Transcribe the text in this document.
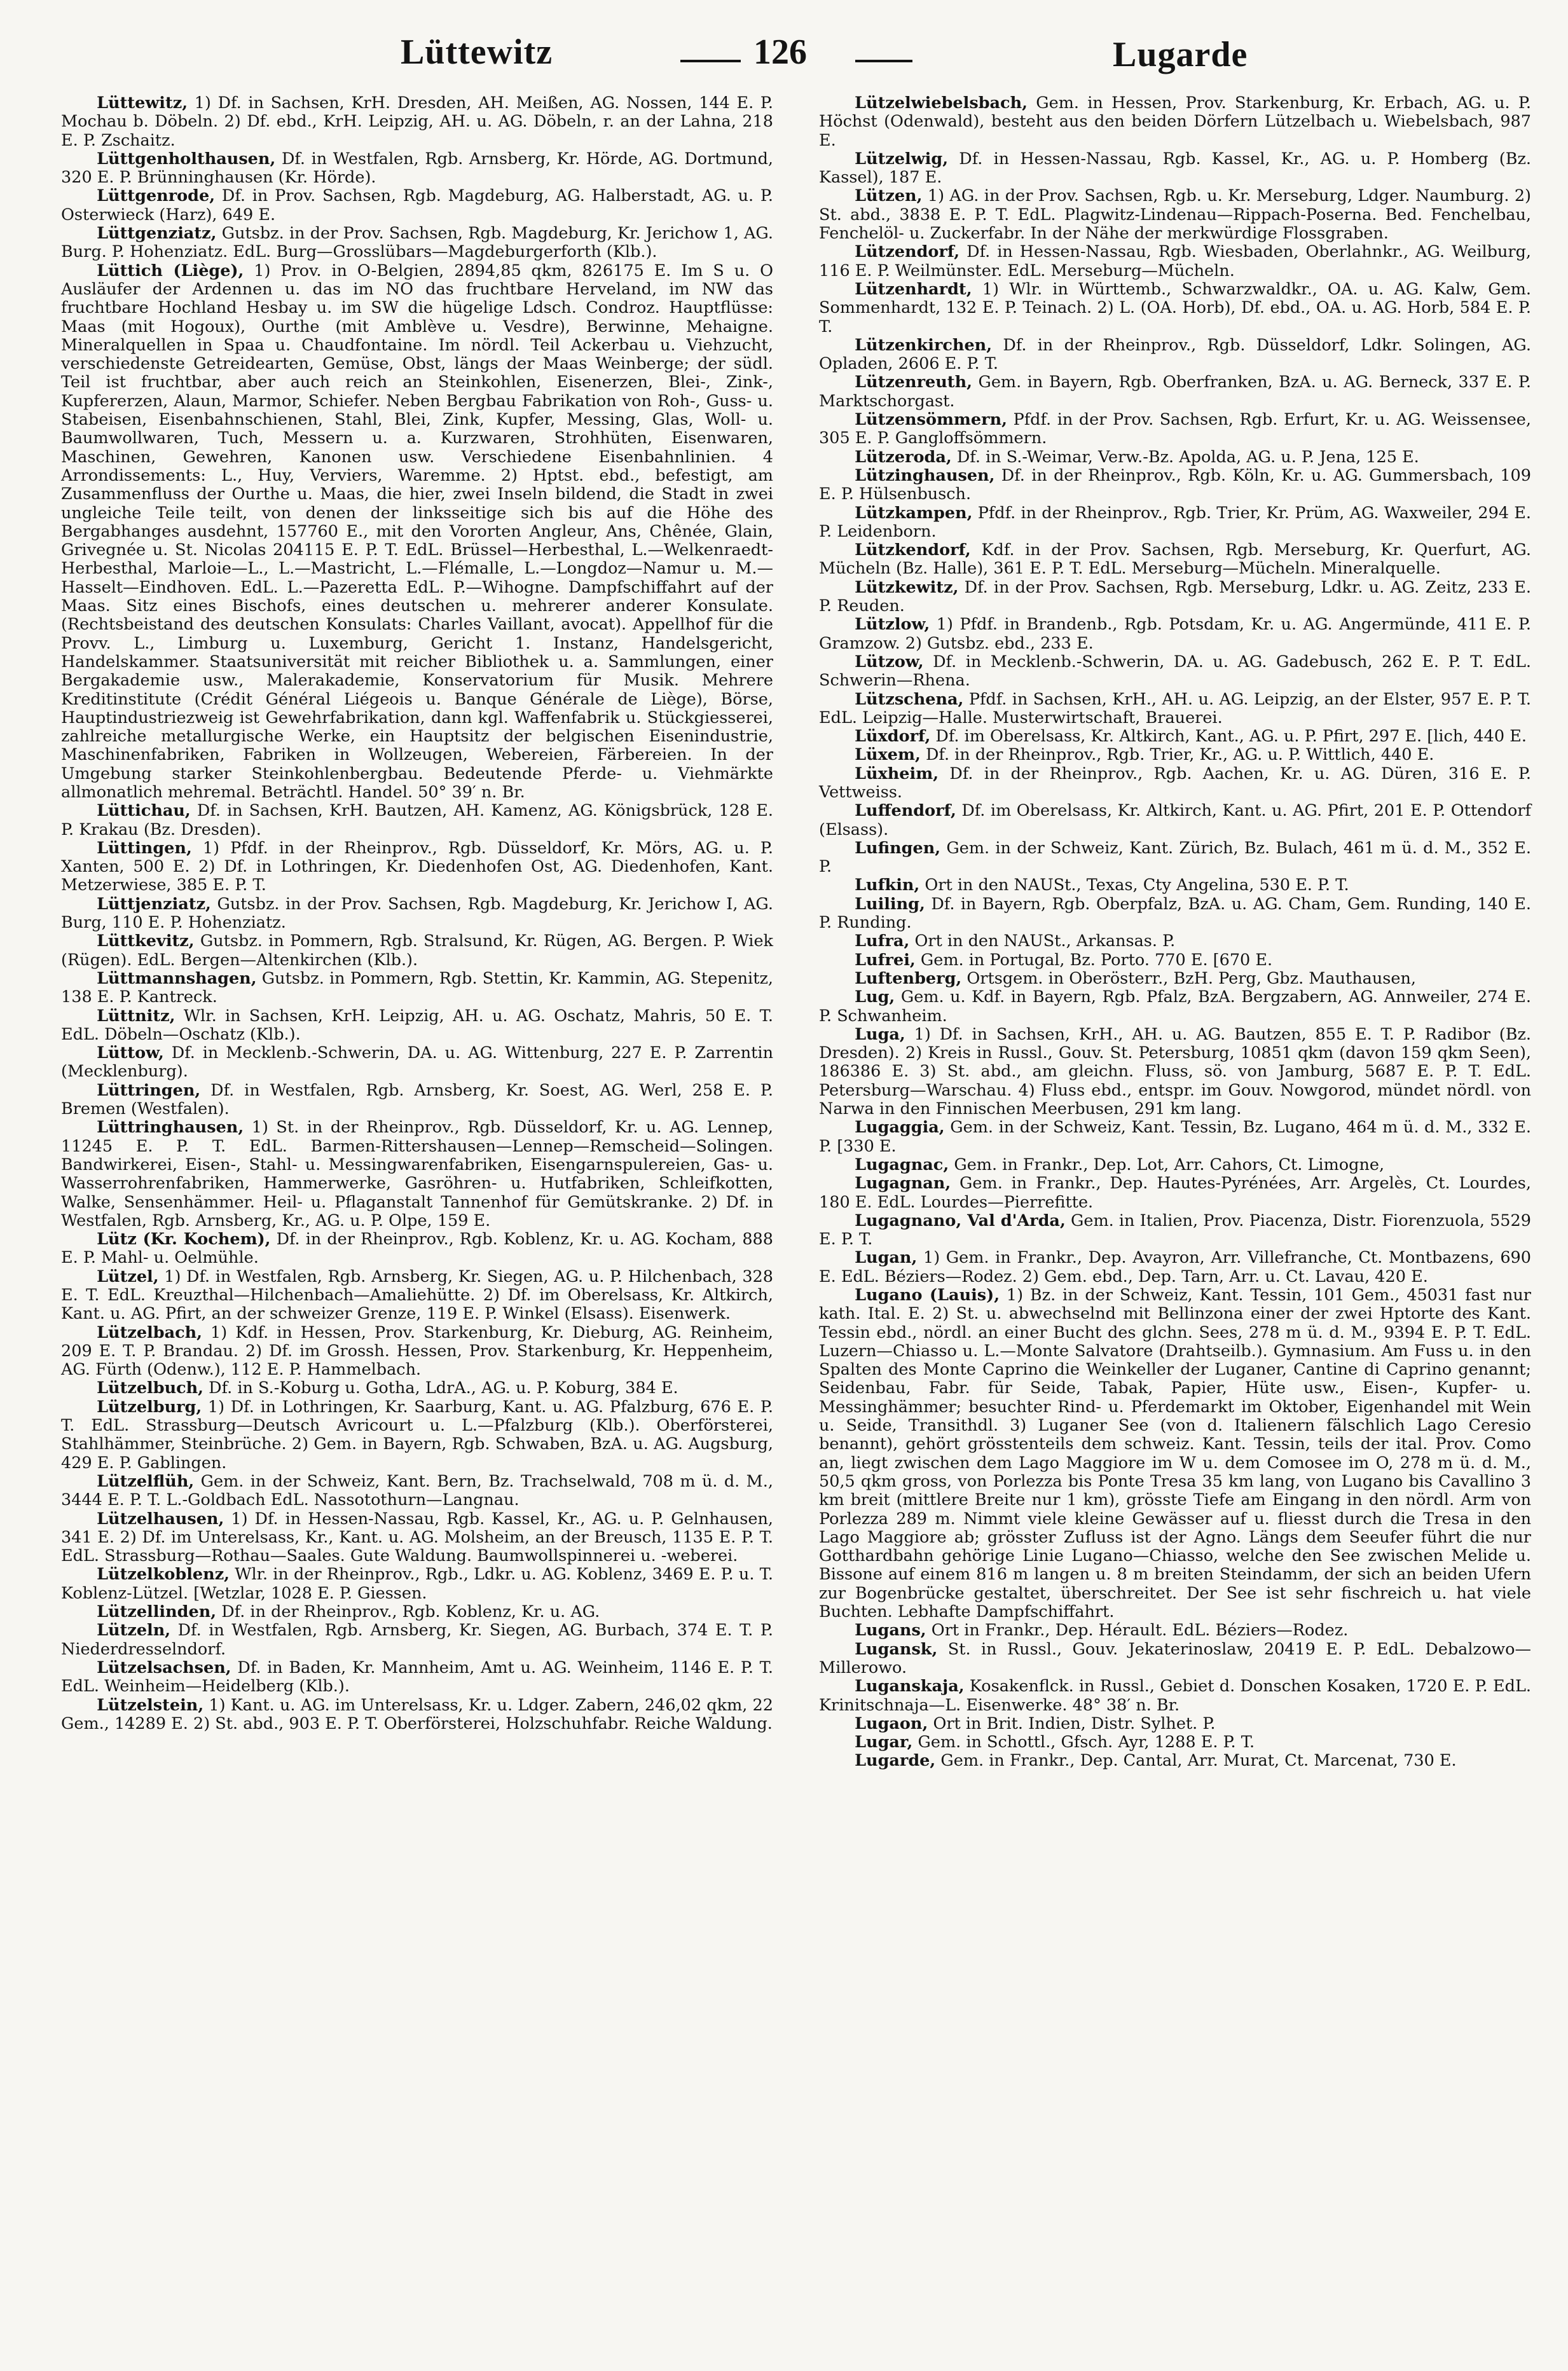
Lüttewitz	126	Lugarde

Lüttewitz, 1) Df. in Sachsen, KrH. Dresden, AH. Meißen, AG. Nossen, 144 E. P. Mochau b. Döbeln. 2) Df. ebd., KrH. Leipzig, AH. u. AG. Döbeln, r. an der Lahna, 218 E. P. Zschaitz.

Lüttgenholthausen, Df. in Westfalen, Rgb. Arnsberg, Kr. Hörde, AG. Dortmund, 320 E. P. Brünninghausen (Kr. Hörde).

Lüttgenrode, Df. in Prov. Sachsen, Rgb. Magdeburg, AG. Halberstadt, AG. u. P. Osterwieck (Harz), 649 E.

Lüttgenziatz, Gutsbz. in der Prov. Sachsen, Rgb. Magdeburg, Kr. Jerichow 1, AG. Burg. P. Hohenziatz. EdL. Burg—Grosslübars—Magdeburgerforth (Klb.).

Lüttich (Liège), 1) Prov. in O-Belgien, 2894,85 qkm, 826175 E. Im S u. O Ausläufer der Ardennen u. das im NO das fruchtbare Herveland, im NW das fruchtbare Hochland Hesbay u. im SW die hügelige Ldsch. Condroz. Hauptflüsse: Maas (mit Hogoux), Ourthe (mit Amblève u. Vesdre), Berwinne, Mehaigne. Mineralquellen in Spaa u. Chaudfontaine. Im nördl. Teil Ackerbau u. Viehzucht, verschiedenste Getreidearten, Gemüse, Obst, längs der Maas Weinberge; der südl. Teil ist fruchtbar, aber auch reich an Steinkohlen, Eisenerzen, Blei-, Zink-, Kupfererzen, Alaun, Marmor, Schiefer. Neben Bergbau Fabrikation von Roh-, Guss- u. Stabeisen, Eisenbahnschienen, Stahl, Blei, Zink, Kupfer, Messing, Glas, Woll- u. Baumwollwaren, Tuch, Messern u. a. Kurzwaren, Strohhüten, Eisenwaren, Maschinen, Gewehren, Kanonen usw. Verschiedene Eisenbahnlinien. 4 Arrondissements: L., Huy, Verviers, Waremme. 2) Hptst. ebd., befestigt, am Zusammenfluss der Ourthe u. Maas, die hier, zwei Inseln bildend, die Stadt in zwei ungleiche Teile teilt, von denen der linksseitige sich bis auf die Höhe des Bergabhanges ausdehnt, 157760 E., mit den Vororten Angleur, Ans, Chênée, Glain, Grivegnée u. St. Nicolas 204115 E. P. T. EdL. Brüssel—Herbesthal, L.—Welkenraedt-Herbesthal, Marloie—L., L.—Mastricht, L.—Flémalle, L.—Longdoz—Namur u. M.—Hasselt—Eindhoven. EdL. L.—Pazeretta EdL. P.—Wihogne. Dampfschiffahrt auf der Maas. Sitz eines Bischofs, eines deutschen u. mehrerer anderer Konsulate. (Rechtsbeistand des deutschen Konsulats: Charles Vaillant, avocat). Appellhof für die Provv. L., Limburg u. Luxemburg, Gericht 1. Instanz, Handelsgericht, Handelskammer. Staatsuniversität mit reicher Bibliothek u. a. Sammlungen, einer Bergakademie usw., Malerakademie, Konservatorium für Musik. Mehrere Kreditinstitute (Crédit Général Liégeois u. Banque Générale de Liège), Börse, Hauptindustriezweig ist Gewehrfabrikation, dann kgl. Waffenfabrik u. Stückgiesserei, zahlreiche metallurgische Werke, ein Hauptsitz der belgischen Eisenindustrie, Maschinenfabriken, Fabriken in Wollzeugen, Webereien, Färbereien. In der Umgebung starker Steinkohlenbergbau. Bedeutende Pferde- u. Viehmärkte allmonatlich mehremal. Beträchtl. Handel. 50° 39′ n. Br.

Lüttichau, Df. in Sachsen, KrH. Bautzen, AH. Kamenz, AG. Königsbrück, 128 E. P. Krakau (Bz. Dresden).

Lüttingen, 1) Pfdf. in der Rheinprov., Rgb. Düsseldorf, Kr. Mörs, AG. u. P. Xanten, 500 E. 2) Df. in Lothringen, Kr. Diedenhofen Ost, AG. Diedenhofen, Kant. Metzerwiese, 385 E. P. T.

Lüttjenziatz, Gutsbz. in der Prov. Sachsen, Rgb. Magdeburg, Kr. Jerichow I, AG. Burg, 110 E. P. Hohenziatz.

Lüttkevitz, Gutsbz. in Pommern, Rgb. Stralsund, Kr. Rügen, AG. Bergen. P. Wiek (Rügen). EdL. Bergen—Altenkirchen (Klb.).

Lüttmannshagen, Gutsbz. in Pommern, Rgb. Stettin, Kr. Kammin, AG. Stepenitz, 138 E. P. Kantreck.

Lüttnitz, Wlr. in Sachsen, KrH. Leipzig, AH. u. AG. Oschatz, Mahris, 50 E. T. EdL. Döbeln—Oschatz (Klb.).

Lüttow, Df. in Mecklenb.-Schwerin, DA. u. AG. Wittenburg, 227 E. P. Zarrentin (Mecklenburg).

Lüttringen, Df. in Westfalen, Rgb. Arnsberg, Kr. Soest, AG. Werl, 258 E. P. Bremen (Westfalen).

Lüttringhausen, 1) St. in der Rheinprov., Rgb. Düsseldorf, Kr. u. AG. Lennep, 11245 E. P. T. EdL. Barmen-Rittershausen—Lennep—Remscheid—Solingen. Bandwirkerei, Eisen-, Stahl- u. Messingwarenfabriken, Eisengarnspulereien, Gas- u. Wasserrohrenfabriken, Hammerwerke, Gasröhren- u. Hutfabriken, Schleifkotten, Walke, Sensenhämmer. Heil- u. Pflaganstalt Tannenhof für Gemütskranke. 2) Df. in Westfalen, Rgb. Arnsberg, Kr., AG. u. P. Olpe, 159 E.

Lütz (Kr. Kochem), Df. in der Rheinprov., Rgb. Koblenz, Kr. u. AG. Kocham, 888 E. P. Mahl- u. Oelmühle.

Lützel, 1) Df. in Westfalen, Rgb. Arnsberg, Kr. Siegen, AG. u. P. Hilchenbach, 328 E. T. EdL. Kreuzthal—Hilchenbach—Amaliehütte. 2) Df. im Oberelsass, Kr. Altkirch, Kant. u. AG. Pfirt, an der schweizer Grenze, 119 E. P. Winkel (Elsass). Eisenwerk.

Lützelbach, 1) Kdf. in Hessen, Prov. Starkenburg, Kr. Dieburg, AG. Reinheim, 209 E. T. P. Brandau. 2) Df. im Grossh. Hessen, Prov. Starkenburg, Kr. Heppenheim, AG. Fürth (Odenw.), 112 E. P. Hammelbach.

Lützelbuch, Df. in S.-Koburg u. Gotha, LdrA., AG. u. P. Koburg, 384 E.

Lützelburg, 1) Df. in Lothringen, Kr. Saarburg, Kant. u. AG. Pfalzburg, 676 E. P. T. EdL. Strassburg—Deutsch Avricourt u. L.—Pfalzburg (Klb.). Oberförsterei, Stahlhämmer, Steinbrüche. 2) Gem. in Bayern, Rgb. Schwaben, BzA. u. AG. Augsburg, 429 E. P. Gablingen.

Lützelflüh, Gem. in der Schweiz, Kant. Bern, Bz. Trachselwald, 708 m ü. d. M., 3444 E. P. T. L.-Goldbach EdL. Nassotothurn—Langnau.

Lützelhausen, 1) Df. in Hessen-Nassau, Rgb. Kassel, Kr., AG. u. P. Gelnhausen, 341 E. 2) Df. im Unterelsass, Kr., Kant. u. AG. Molsheim, an der Breusch, 1135 E. P. T. EdL. Strassburg—Rothau—Saales. Gute Waldung. Baumwollspinnerei u. -weberei.

Lützelkoblenz, Wlr. in der Rheinprov., Rgb., Ldkr. u. AG. Koblenz, 3469 E. P. u. T. Koblenz-Lützel. [Wetzlar, 1028 E. P. Giessen.

Lützellinden, Df. in der Rheinprov., Rgb. Koblenz, Kr. u. AG.

Lützeln, Df. in Westfalen, Rgb. Arnsberg, Kr. Siegen, AG. Burbach, 374 E. T. P. Niederdresselndorf.

Lützelsachsen, Df. in Baden, Kr. Mannheim, Amt u. AG. Weinheim, 1146 E. P. T. EdL. Weinheim—Heidelberg (Klb.).

Lützelstein, 1) Kant. u. AG. im Unterelsass, Kr. u. Ldger. Zabern, 246,02 qkm, 22 Gem., 14289 E. 2) St. abd., 903 E. P. T. Oberförsterei, Holzschuhfabr. Reiche Waldung.

Lützelwiebelsbach, Gem. in Hessen, Prov. Starkenburg, Kr. Erbach, AG. u. P. Höchst (Odenwald), besteht aus den beiden Dörfern Lützelbach u. Wiebelsbach, 987 E.

Lützelwig, Df. in Hessen-Nassau, Rgb. Kassel, Kr., AG. u. P. Homberg (Bz. Kassel), 187 E.

Lützen, 1) AG. in der Prov. Sachsen, Rgb. u. Kr. Merseburg, Ldger. Naumburg. 2) St. abd., 3838 E. P. T. EdL. Plagwitz-Lindenau—Rippach-Poserna. Bed. Fenchelbau, Fenchelöl- u. Zuckerfabr. In der Nähe der merkwürdige Flossgraben.

Lützendorf, Df. in Hessen-Nassau, Rgb. Wiesbaden, Oberlahnkr., AG. Weilburg, 116 E. P. Weilmünster. EdL. Merseburg—Mücheln.

Lützenhardt, 1) Wlr. in Württemb., Schwarzwaldkr., OA. u. AG. Kalw, Gem. Sommenhardt, 132 E. P. Teinach. 2) L. (OA. Horb), Df. ebd., OA. u. AG. Horb, 584 E. P. T.

Lützenkirchen, Df. in der Rheinprov., Rgb. Düsseldorf, Ldkr. Solingen, AG. Opladen, 2606 E. P. T.

Lützenreuth, Gem. in Bayern, Rgb. Oberfranken, BzA. u. AG. Berneck, 337 E. P. Marktschorgast.

Lützensömmern, Pfdf. in der Prov. Sachsen, Rgb. Erfurt, Kr. u. AG. Weissensee, 305 E. P. Gangloffsömmern.

Lützeroda, Df. in S.-Weimar, Verw.-Bz. Apolda, AG. u. P. Jena, 125 E.

Lützinghausen, Df. in der Rheinprov., Rgb. Köln, Kr. u. AG. Gummersbach, 109 E. P. Hülsenbusch.

Lützkampen, Pfdf. in der Rheinprov., Rgb. Trier, Kr. Prüm, AG. Waxweiler, 294 E. P. Leidenborn.

Lützkendorf, Kdf. in der Prov. Sachsen, Rgb. Merseburg, Kr. Querfurt, AG. Mücheln (Bz. Halle), 361 E. P. T. EdL. Merseburg—Mücheln. Mineralquelle.

Lützkewitz, Df. in der Prov. Sachsen, Rgb. Merseburg, Ldkr. u. AG. Zeitz, 233 E. P. Reuden.

Lützlow, 1) Pfdf. in Brandenb., Rgb. Potsdam, Kr. u. AG. Angermünde, 411 E. P. Gramzow. 2) Gutsbz. ebd., 233 E.

Lützow, Df. in Mecklenb.-Schwerin, DA. u. AG. Gadebusch, 262 E. P. T. EdL. Schwerin—Rhena.

Lützschena, Pfdf. in Sachsen, KrH., AH. u. AG. Leipzig, an der Elster, 957 E. P. T. EdL. Leipzig—Halle. Musterwirtschaft, Brauerei.

Lüxdorf, Df. im Oberelsass, Kr. Altkirch, Kant., AG. u. P. Pfirt, 297 E. [lich, 440 E.

Lüxem, Df. in der Rheinprov., Rgb. Trier, Kr., AG. u. P. Wittlich, 440 E.

Lüxheim, Df. in der Rheinprov., Rgb. Aachen, Kr. u. AG. Düren, 316 E. P. Vettweiss.

Luffendorf, Df. im Oberelsass, Kr. Altkirch, Kant. u. AG. Pfirt, 201 E. P. Ottendorf (Elsass).

Lufingen, Gem. in der Schweiz, Kant. Zürich, Bz. Bulach, 461 m ü. d. M., 352 E. P.

Lufkin, Ort in den NAUSt., Texas, Cty Angelina, 530 E. P. T.

Luiling, Df. in Bayern, Rgb. Oberpfalz, BzA. u. AG. Cham, Gem. Runding, 140 E. P. Runding.

Lufra, Ort in den NAUSt., Arkansas. P.

Lufrei, Gem. in Portugal, Bz. Porto. 770 E. [670 E.

Luftenberg, Ortsgem. in Oberösterr., BzH. Perg, Gbz. Mauthausen,

Lug, Gem. u. Kdf. in Bayern, Rgb. Pfalz, BzA. Bergzabern, AG. Annweiler, 274 E. P. Schwanheim.

Luga, 1) Df. in Sachsen, KrH., AH. u. AG. Bautzen, 855 E. T. P. Radibor (Bz. Dresden). 2) Kreis in Russl., Gouv. St. Petersburg, 10851 qkm (davon 159 qkm Seen), 186386 E. 3) St. abd., am gleichn. Fluss, sö. von Jamburg, 5687 E. P. T. EdL. Petersburg—Warschau. 4) Fluss ebd., entspr. im Gouv. Nowgorod, mündet nördl. von Narwa in den Finnischen Meerbusen, 291 km lang.

Lugaggia, Gem. in der Schweiz, Kant. Tessin, Bz. Lugano, 464 m ü. d. M., 332 E. P. [330 E.

Lugagnac, Gem. in Frankr., Dep. Lot, Arr. Cahors, Ct. Limogne,

Lugagnan, Gem. in Frankr., Dep. Hautes-Pyrénées, Arr. Argelès, Ct. Lourdes, 180 E. EdL. Lourdes—Pierrefitte.

Lugagnano, Val d'Arda, Gem. in Italien, Prov. Piacenza, Distr. Fiorenzuola, 5529 E. P. T.

Lugan, 1) Gem. in Frankr., Dep. Avayron, Arr. Villefranche, Ct. Montbazens, 690 E. EdL. Béziers—Rodez. 2) Gem. ebd., Dep. Tarn, Arr. u. Ct. Lavau, 420 E.

Lugano (Lauis), 1) Bz. in der Schweiz, Kant. Tessin, 101 Gem., 45031 fast nur kath. Ital. E. 2) St. u. abwechselnd mit Bellinzona einer der zwei Hptorte des Kant. Tessin ebd., nördl. an einer Bucht des glchn. Sees, 278 m ü. d. M., 9394 E. P. T. EdL. Luzern—Chiasso u. L.—Monte Salvatore (Drahtseilb.). Gymnasium. Am Fuss u. in den Spalten des Monte Caprino die Weinkeller der Luganer, Cantine di Caprino genannt; Seidenbau, Fabr. für Seide, Tabak, Papier, Hüte usw., Eisen-, Kupfer- u. Messinghämmer; besuchter Rind- u. Pferdemarkt im Oktober, Eigenhandel mit Wein u. Seide, Transithdl. 3) Luganer See (von d. Italienern fälschlich Lago Ceresio benannt), gehört grösstenteils dem schweiz. Kant. Tessin, teils der ital. Prov. Como an, liegt zwischen dem Lago Maggiore im W u. dem Comosee im O, 278 m ü. d. M., 50,5 qkm gross, von Porlezza bis Ponte Tresa 35 km lang, von Lugano bis Cavallino 3 km breit (mittlere Breite nur 1 km), grösste Tiefe am Eingang in den nördl. Arm von Porlezza 289 m. Nimmt viele kleine Gewässer auf u. fliesst durch die Tresa in den Lago Maggiore ab; grösster Zufluss ist der Agno. Längs dem Seeufer führt die nur Gotthardbahn gehörige Linie Lugano—Chiasso, welche den See zwischen Melide u. Bissone auf einem 816 m langen u. 8 m breiten Steindamm, der sich an beiden Ufern zur Bogenbrücke gestaltet, überschreitet. Der See ist sehr fischreich u. hat viele Buchten. Lebhafte Dampfschiffahrt.

Lugans, Ort in Frankr., Dep. Hérault. EdL. Béziers—Rodez.

Lugansk, St. in Russl., Gouv. Jekaterinoslaw, 20419 E. P. EdL. Debalzowo—Millerowo.

Luganskaja, Kosakenflck. in Russl., Gebiet d. Donschen Kosaken, 1720 E. P. EdL. Krinitschnaja—L. Eisenwerke. 48° 38′ n. Br.

Lugaon, Ort in Brit. Indien, Distr. Sylhet. P.

Lugar, Gem. in Schottl., Gfsch. Ayr, 1288 E. P. T.

Lugarde, Gem. in Frankr., Dep. Cantal, Arr. Murat, Ct. Marcenat, 730 E.
